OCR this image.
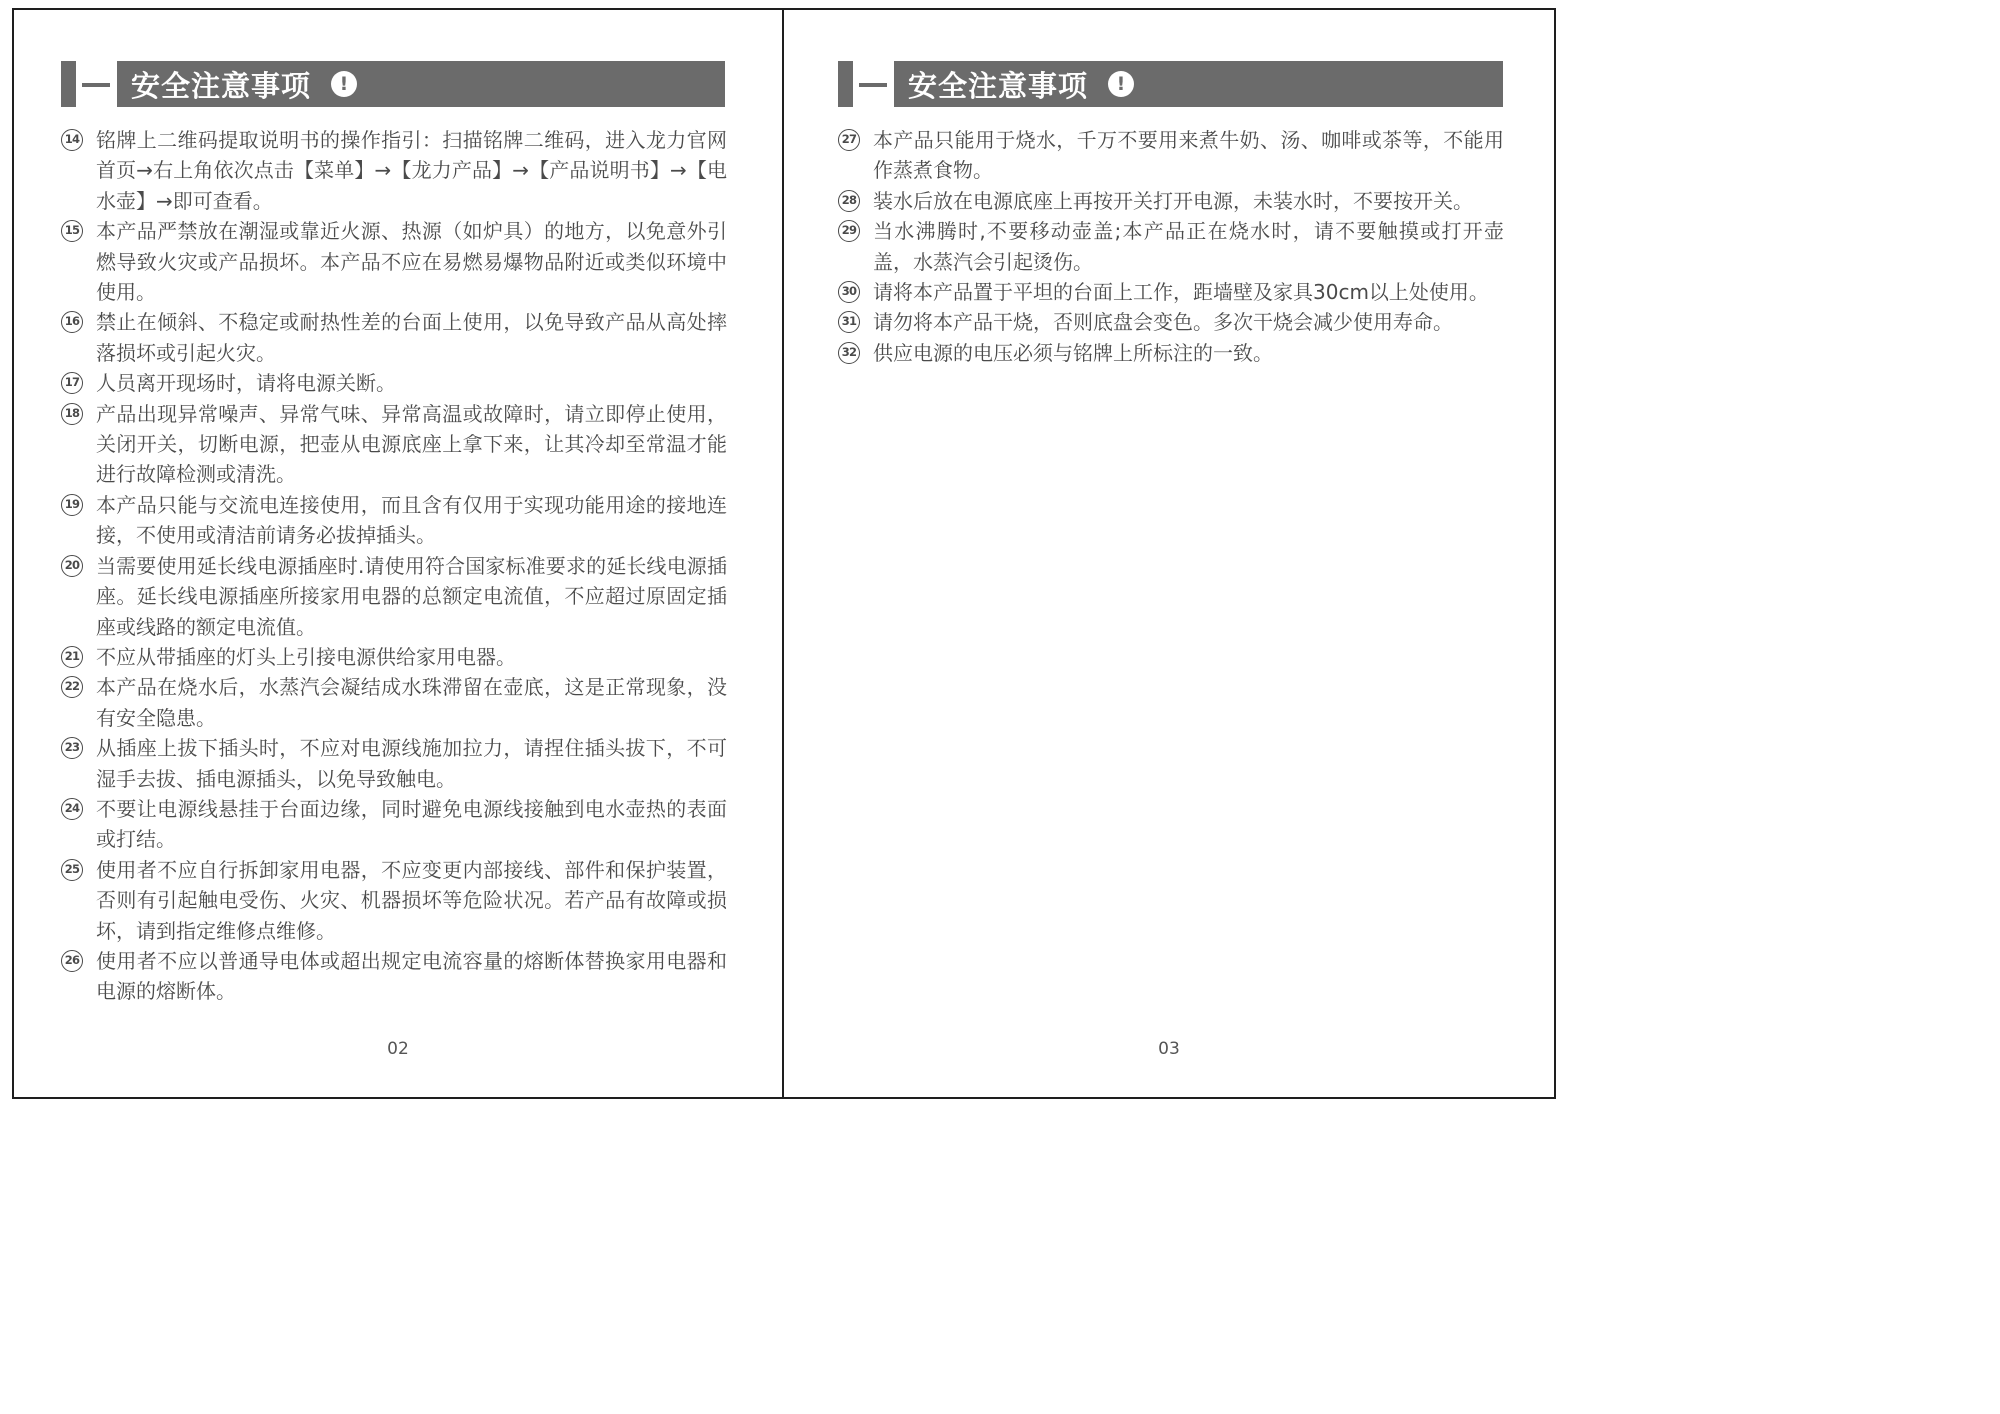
安全注意事项	!
14 铭牌上二维码提取说明书的操作指引：扫描铭牌二维码，进入龙力官网首页→右上角依次点击【菜单】→【龙力产品】→【产品说明书】→【电水壶】→即可查看。
15 本产品严禁放在潮湿或靠近火源、热源（如炉具）的地方，以免意外引燃导致火灾或产品损坏。本产品不应在易燃易爆物品附近或类似环境中使用。
16 禁止在倾斜、不稳定或耐热性差的台面上使用，以免导致产品从高处摔落损坏或引起火灾。
17 人员离开现场时，请将电源关断。
18 产品出现异常噪声、异常气味、异常高温或故障时，请立即停止使用，关闭开关，切断电源，把壶从电源底座上拿下来，让其冷却至常温才能进行故障检测或清洗。
19 本产品只能与交流电连接使用，而且含有仅用于实现功能用途的接地连接，不使用或清洁前请务必拔掉插头。
20 当需要使用延长线电源插座时.请使用符合国家标准要求的延长线电源插座。延长线电源插座所接家用电器的总额定电流值，不应超过原固定插座或线路的额定电流值。
21 不应从带插座的灯头上引接电源供给家用电器。
22 本产品在烧水后，水蒸汽会凝结成水珠滞留在壶底，这是正常现象，没有安全隐患。
23 从插座上拔下插头时，不应对电源线施加拉力，请捏住插头拔下，不可湿手去拔、插电源插头，以免导致触电。
24 不要让电源线悬挂于台面边缘，同时避免电源线接触到电水壶热的表面或打结。
25 使用者不应自行拆卸家用电器，不应变更内部接线、部件和保护装置，否则有引起触电受伤、火灾、机器损坏等危险状况。若产品有故障或损坏，请到指定维修点维修。
26 使用者不应以普通导电体或超出规定电流容量的熔断体替换家用电器和电源的熔断体。
02
安全注意事项	!
27 本产品只能用于烧水，千万不要用来煮牛奶、汤、咖啡或茶等，不能用作蒸煮食物。
28 装水后放在电源底座上再按开关打开电源，未装水时，不要按开关。
29 当水沸腾时,不要移动壶盖;本产品正在烧水时，请不要触摸或打开壶盖，水蒸汽会引起烫伤。
30 请将本产品置于平坦的台面上工作，距墙壁及家具30cm以上处使用。
31 请勿将本产品干烧，否则底盘会变色。多次干烧会减少使用寿命。
32 供应电源的电压必须与铭牌上所标注的一致。
03
